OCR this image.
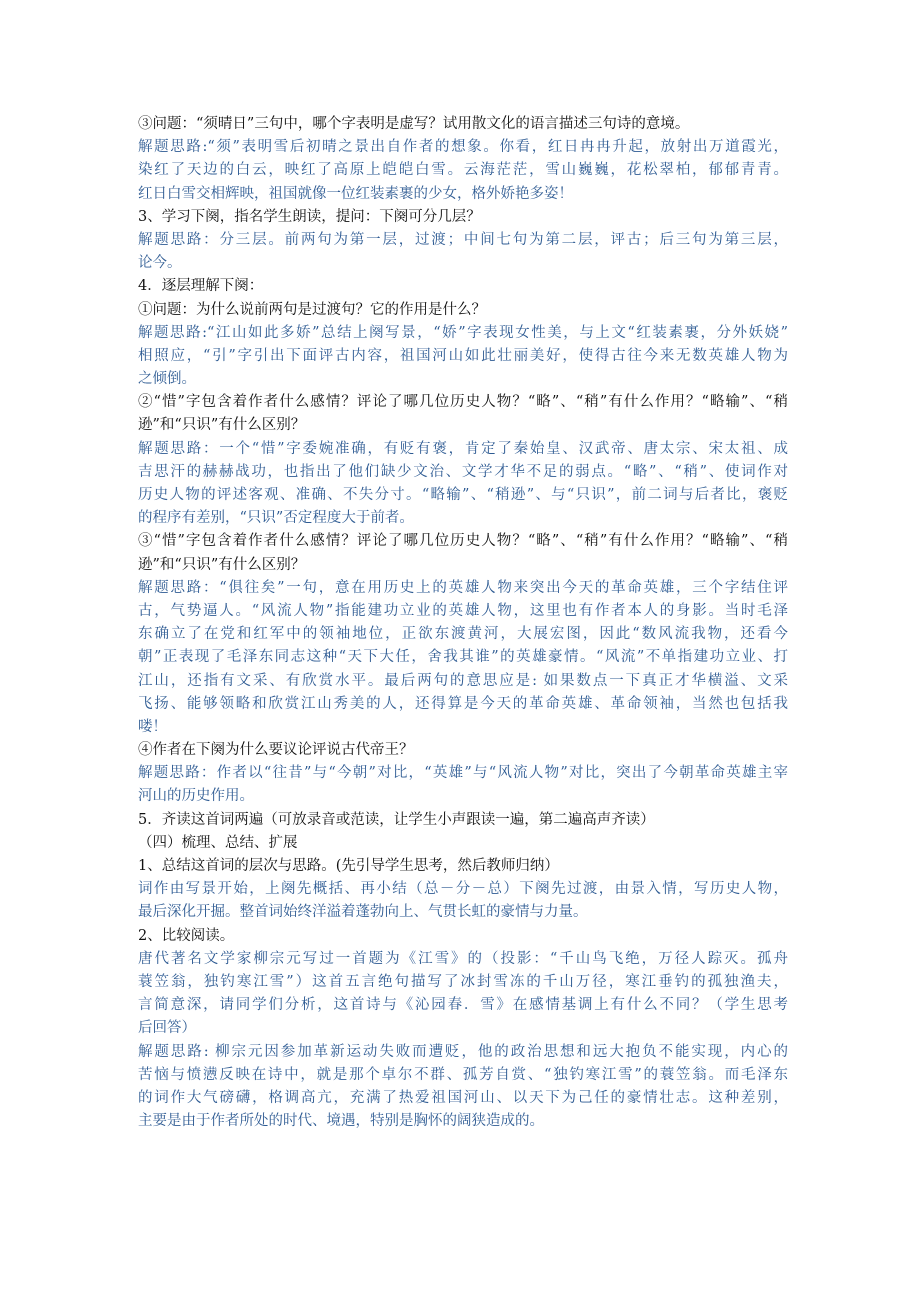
③问题：“须晴日”三句中，哪个字表明是虚写？试用散文化的语言描述三句诗的意境。
解题思路:“须”表明雪后初晴之景出自作者的想象。你看，红日冉冉升起，放射出万道霞光，
染红了天边的白云，映红了高原上皑皑白雪。云海茫茫，雪山巍巍，花松翠柏，郁郁青青。
红日白雪交相辉映，祖国就像一位红装素裹的少女，格外娇艳多姿！
3、学习下阕，指名学生朗读，提问：下阕可分几层？
解题思路：分三层。前两句为第一层，过渡；中间七句为第二层，评古；后三句为第三层，
论今。
4．逐层理解下阕：
①问题：为什么说前两句是过渡句？它的作用是什么？
解题思路:“江山如此多娇”总结上阕写景，“娇”字表现女性美，与上文“红装素裹，分外妖娆”
相照应，“引”字引出下面评古内容，祖国河山如此壮丽美好，使得古往今来无数英雄人物为
之倾倒。
②“惜”字包含着作者什么感情？评论了哪几位历史人物？“略”、“稍”有什么作用？“略输”、“稍
逊”和“只识”有什么区别？
解题思路：一个“惜”字委婉准确，有贬有褒，肯定了秦始皇、汉武帝、唐太宗、宋太祖、成
吉思汗的赫赫战功，也指出了他们缺少文治、文学才华不足的弱点。“略”、“稍”、使词作对
历史人物的评述客观、准确、不失分寸。“略输”、“稍逊”、与“只识”，前二词与后者比，褒贬
的程序有差别，“只识”否定程度大于前者。
③“惜”字包含着作者什么感情？评论了哪几位历史人物？“略”、“稍”有什么作用？“略输”、“稍
逊”和“只识”有什么区别？
解题思路：“俱往矣”一句，意在用历史上的英雄人物来突出今天的革命英雄，三个字结住评
古，气势逼人。“风流人物”指能建功立业的英雄人物，这里也有作者本人的身影。当时毛泽
东确立了在党和红军中的领袖地位，正欲东渡黄河，大展宏图，因此“数风流我物，还看今
朝”正表现了毛泽东同志这种“天下大任，舍我其谁”的英雄豪情。“风流”不单指建功立业、打
江山，还指有文采、有欣赏水平。最后两句的意思应是: 如果数点一下真正才华横溢、文采
飞扬、能够领略和欣赏江山秀美的人，还得算是今天的革命英雄、革命领袖，当然也包括我
喽！
④作者在下阕为什么要议论评说古代帝王？
解题思路：作者以“往昔”与“今朝”对比，“英雄”与“风流人物”对比，突出了今朝革命英雄主宰
河山的历史作用。
5．齐读这首词两遍（可放录音或范读，让学生小声跟读一遍，第二遍高声齐读）
（四）梳理、总结、扩展
1、总结这首词的层次与思路。(先引导学生思考，然后教师归纳）
词作由写景开始，上阕先概括、再小结（总－分－总）下阕先过渡，由景入情，写历史人物，
最后深化开掘。整首词始终洋溢着蓬勃向上、气贯长虹的豪情与力量。
2、比较阅读。
唐代著名文学家柳宗元写过一首题为《江雪》的（投影：“千山鸟飞绝，万径人踪灭。孤舟
蓑笠翁，独钓寒江雪”）这首五言绝句描写了冰封雪冻的千山万径，寒江垂钓的孤独渔夫，
言简意深，请同学们分析，这首诗与《沁园春．雪》在感情基调上有什么不同？（学生思考
后回答）
解题思路: 柳宗元因参加革新运动失败而遭贬，他的政治思想和远大抱负不能实现，内心的
苦恼与愤懑反映在诗中，就是那个卓尔不群、孤芳自赏、“独钓寒江雪”的蓑笠翁。而毛泽东
的词作大气磅礴，格调高亢，充满了热爱祖国河山、以天下为己任的豪情壮志。这种差别，
主要是由于作者所处的时代、境遇，特别是胸怀的阔狭造成的。
